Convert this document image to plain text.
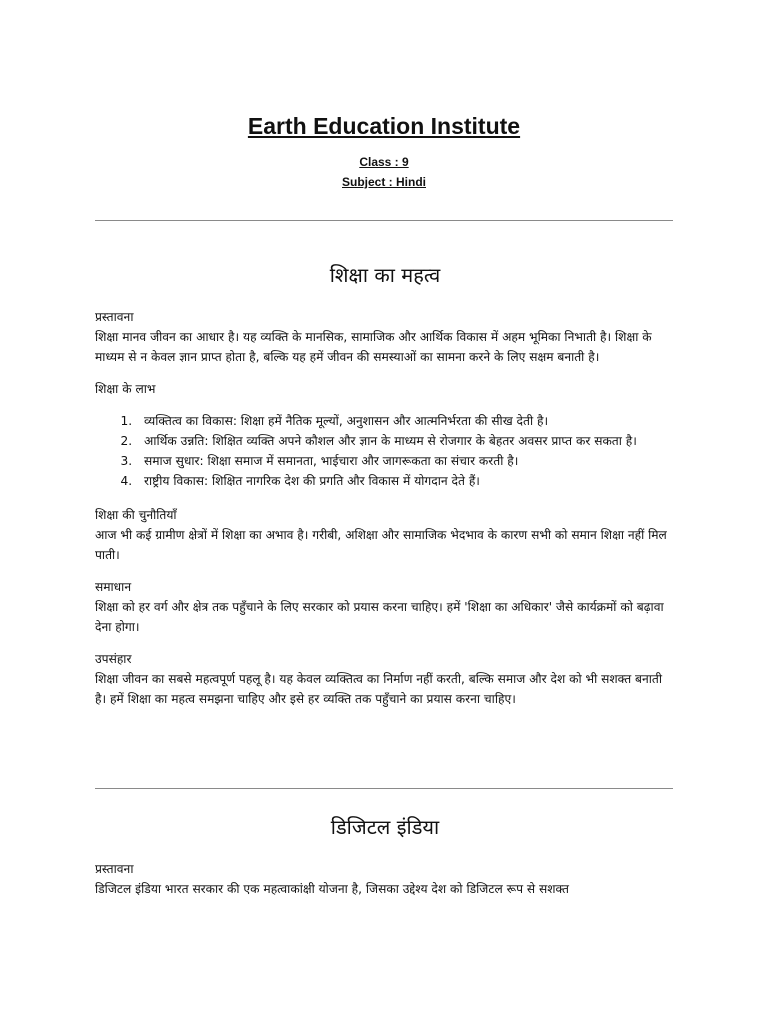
Earth Education Institute

Class : 9

Subject : Hindi

शिक्षा का महत्व

प्रस्तावना

शिक्षा मानव जीवन का आधार है। यह व्यक्ति के मानसिक, सामाजिक और आर्थिक विकास में अहम भूमिका निभाती है। शिक्षा के माध्यम से न केवल ज्ञान प्राप्त होता है, बल्कि यह हमें जीवन की समस्याओं का सामना करने के लिए सक्षम बनाती है।

शिक्षा के लाभ

1. व्यक्तित्व का विकास: शिक्षा हमें नैतिक मूल्यों, अनुशासन और आत्मनिर्भरता की सीख देती है।
2. आर्थिक उन्नति: शिक्षित व्यक्ति अपने कौशल और ज्ञान के माध्यम से रोजगार के बेहतर अवसर प्राप्त कर सकता है।
3. समाज सुधार: शिक्षा समाज में समानता, भाईचारा और जागरूकता का संचार करती है।
4. राष्ट्रीय विकास: शिक्षित नागरिक देश की प्रगति और विकास में योगदान देते हैं।

शिक्षा की चुनौतियाँ

आज भी कई ग्रामीण क्षेत्रों में शिक्षा का अभाव है। गरीबी, अशिक्षा और सामाजिक भेदभाव के कारण सभी को समान शिक्षा नहीं मिल पाती।

समाधान

शिक्षा को हर वर्ग और क्षेत्र तक पहुँचाने के लिए सरकार को प्रयास करना चाहिए। हमें 'शिक्षा का अधिकार' जैसे कार्यक्रमों को बढ़ावा देना होगा।

उपसंहार

शिक्षा जीवन का सबसे महत्वपूर्ण पहलू है। यह केवल व्यक्तित्व का निर्माण नहीं करती, बल्कि समाज और देश को भी सशक्त बनाती है। हमें शिक्षा का महत्व समझना चाहिए और इसे हर व्यक्ति तक पहुँचाने का प्रयास करना चाहिए।

डिजिटल इंडिया

प्रस्तावना

डिजिटल इंडिया भारत सरकार की एक महत्वाकांक्षी योजना है, जिसका उद्देश्य देश को डिजिटल रूप से सशक्त
